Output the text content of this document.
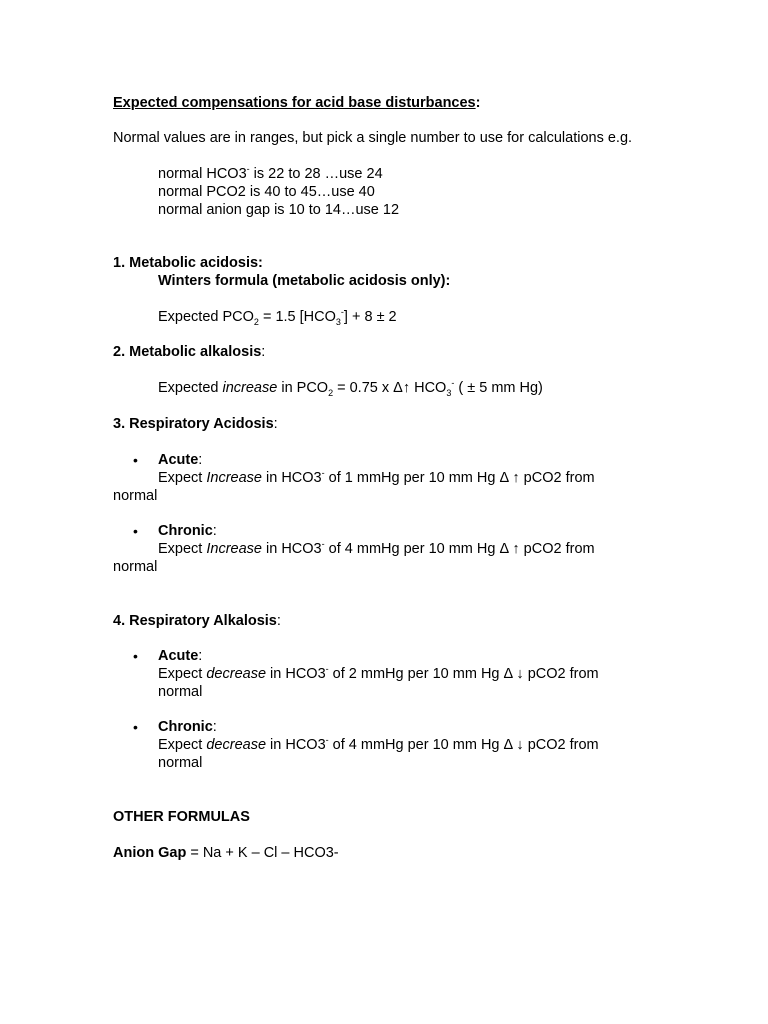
Expected compensations for acid base disturbances:
Normal values are in ranges, but pick a single number to use for calculations e.g.
normal HCO3- is 22 to 28 …use 24
normal PCO2 is 40 to 45…use 40
normal anion gap is 10 to 14…use 12
1. Metabolic acidosis:
Winters formula (metabolic acidosis only):
Expected $PCO_2 = 1.5$ $[HCO_3^-] + 8 \pm 2$
2. Metabolic alkalosis:
Expected increase in $PCO_2 = 0.75$ x Δ↑ $HCO_3^-$ ( ± 5 mm Hg)
3. Respiratory Acidosis:
• Acute:
Expect Increase in HCO3- of 1 mmHg per 10 mm Hg Δ ↑ pCO2 from
normal
• Chronic:
Expect Increase in HCO3- of 4 mmHg per 10 mm Hg Δ ↑ pCO2 from
normal
4. Respiratory Alkalosis:
• Acute:
Expect decrease in HCO3- of 2 mmHg per 10 mm Hg Δ ↓ pCO2 from
normal
• Chronic:
Expect decrease in HCO3- of 4 mmHg per 10 mm Hg Δ ↓ pCO2 from
normal
OTHER FORMULAS
Anion Gap = Na + K – Cl – HCO3-
